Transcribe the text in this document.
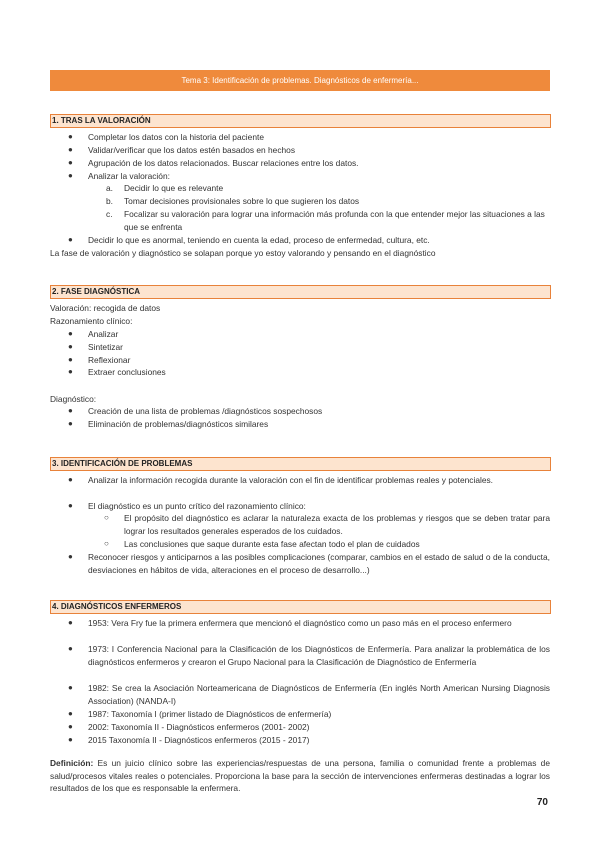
Tema 3: Identificación de problemas. Diagnósticos de enfermería...
1. TRAS LA VALORACIÓN
● Completar los datos con la historia del paciente
● Validar/verificar que los datos estén basados en hechos
● Agrupación de los datos relacionados. Buscar relaciones entre los datos.
● Analizar la valoración:
a. Decidir lo que es relevante
b. Tomar decisiones provisionales sobre lo que sugieren los datos
c. Focalizar su valoración para lograr una información más profunda con la que entender mejor las situaciones a las que se enfrenta
● Decidir lo que es anormal, teniendo en cuenta la edad, proceso de enfermedad, cultura, etc.
La fase de valoración y diagnóstico se solapan porque yo estoy valorando y pensando en el diagnóstico
2. FASE DIAGNÓSTICA
Valoración: recogida de datos
Razonamiento clínico:
● Analizar
● Sintetizar
● Reflexionar
● Extraer conclusiones
Diagnóstico:
● Creación de una lista de problemas /diagnósticos sospechosos
● Eliminación de problemas/diagnósticos similares
3. IDENTIFICACIÓN DE PROBLEMAS
● Analizar la información recogida durante la valoración con el fin de identificar problemas reales y potenciales.
● El diagnóstico es un punto crítico del razonamiento clínico:
○ El propósito del diagnóstico es aclarar la naturaleza exacta de los problemas y riesgos que se deben tratar para lograr los resultados generales esperados de los cuidados.
○ Las conclusiones que saque durante esta fase afectan todo el plan de cuidados
● Reconocer riesgos y anticiparnos a las posibles complicaciones (comparar, cambios en el estado de salud o de la conducta, desviaciones en hábitos de vida, alteraciones en el proceso de desarrollo...)
4. DIAGNÓSTICOS ENFERMEROS
● 1953: Vera Fry fue la primera enfermera que mencionó el diagnóstico como un paso más en el proceso enfermero
● 1973: I Conferencia Nacional para la Clasificación de los Diagnósticos de Enfermería. Para analizar la problemática de los diagnósticos enfermeros y crearon el Grupo Nacional para la Clasificación de Diagnóstico de Enfermería
● 1982: Se crea la Asociación Norteamericana de Diagnósticos de Enfermería (En inglés North American Nursing Diagnosis Association) (NANDA-I)
● 1987: Taxonomía I (primer listado de Diagnósticos de enfermería)
● 2002: Taxonomía II - Diagnósticos enfermeros (2001- 2002)
● 2015 Taxonomía II - Diagnósticos enfermeros (2015 - 2017)
Definición: Es un juicio clínico sobre las experiencias/respuestas de una persona, familia o comunidad frente a problemas de salud/procesos vitales reales o potenciales. Proporciona la base para la sección de intervenciones enfermeras destinadas a lograr los resultados de los que es responsable la enfermera.
70
